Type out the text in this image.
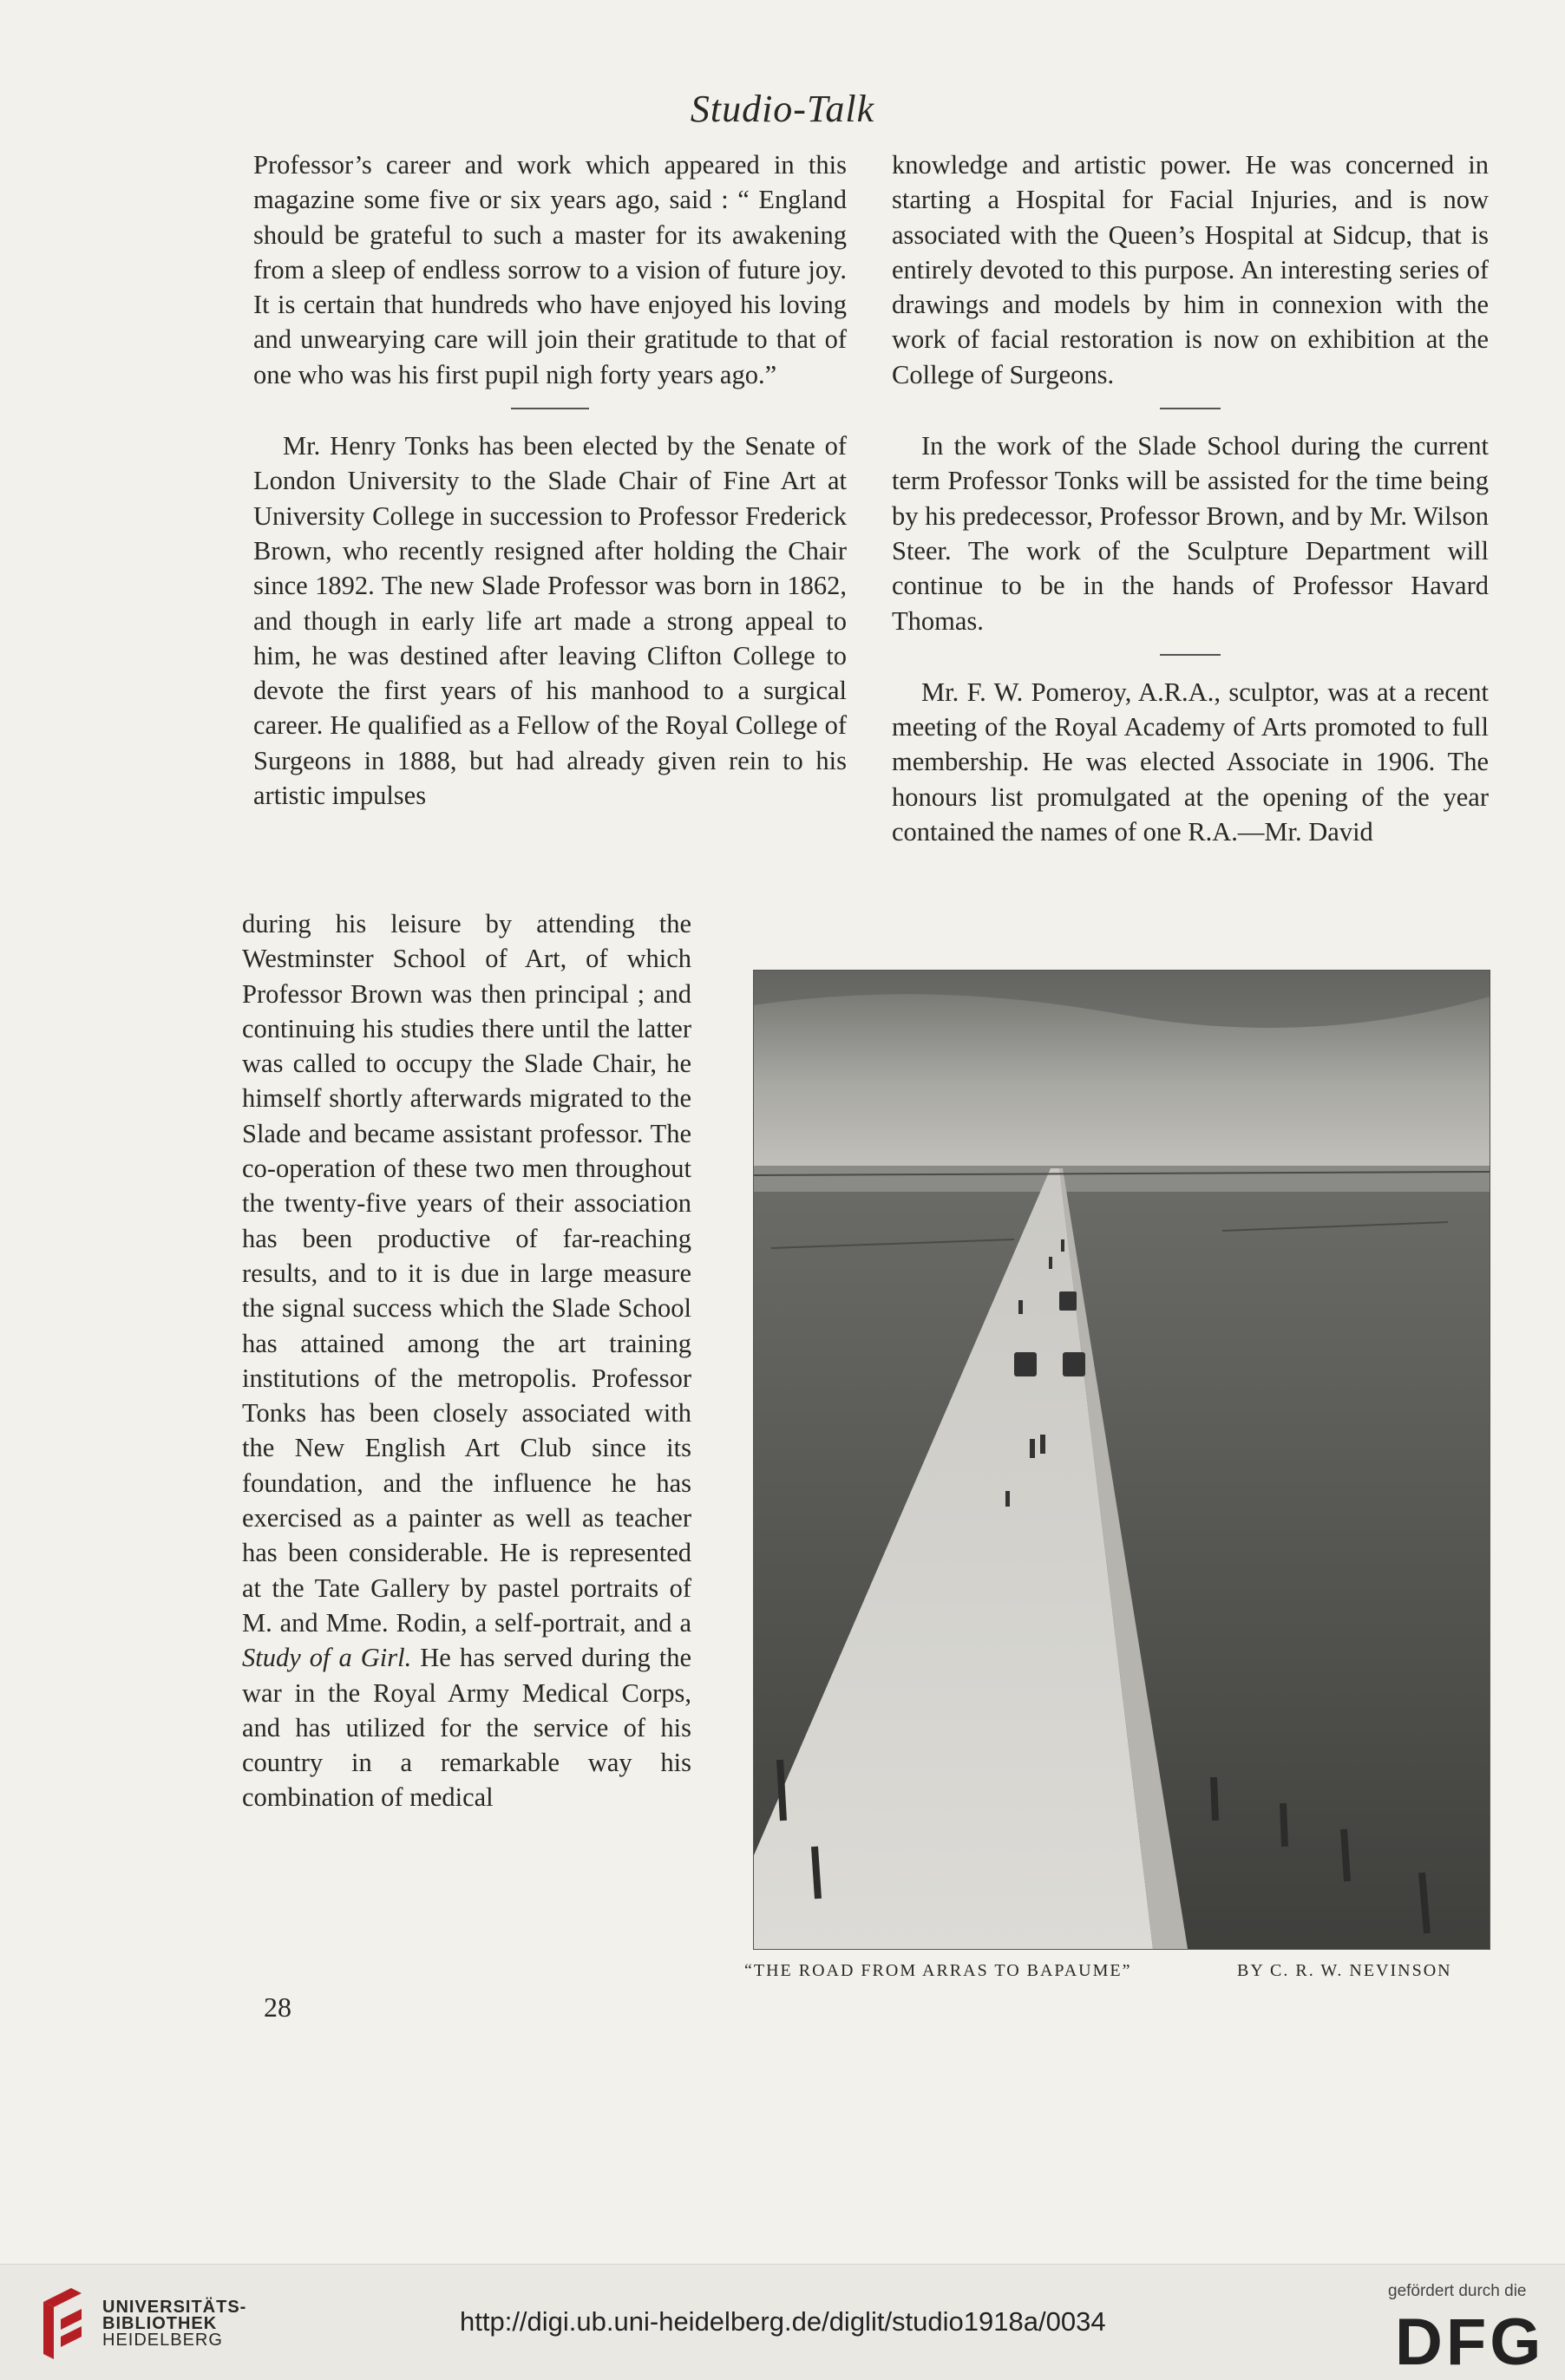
Studio-Talk

Professor’s career and work which appeared in this magazine some five or six years ago, said : “ England should be grateful to such a master for its awakening from a sleep of endless sorrow to a vision of future joy. It is certain that hundreds who have enjoyed his loving and unwearying care will join their gratitude to that of one who was his first pupil nigh forty years ago.”

Mr. Henry Tonks has been elected by the Senate of London University to the Slade Chair of Fine Art at University College in succession to Professor Frederick Brown, who recently resigned after holding the Chair since 1892. The new Slade Professor was born in 1862, and though in early life art made a strong appeal to him, he was destined after leaving Clifton College to devote the first years of his manhood to a surgical career. He qualified as a Fellow of the Royal College of Surgeons in 1888, but had already given rein to his artistic impulses

during his leisure by attending the Westminster School of Art, of which Professor Brown was then principal ; and continuing his studies there until the latter was called to occupy the Slade Chair, he himself shortly afterwards migrated to the Slade and became assistant professor. The co-operation of these two men throughout the twenty-five years of their association has been productive of far-reaching results, and to it is due in large measure the signal success which the Slade School has attained among the art training institutions of the metropolis. Professor Tonks has been closely associated with the New English Art Club since its foundation, and the influence he has exercised as a painter as well as teacher has been considerable. He is represented at the Tate Gallery by pastel portraits of M. and Mme. Rodin, a self-portrait, and a Study of a Girl. He has served during the war in the Royal Army Medical Corps, and has utilized for the service of his country in a remarkable way his combination of medical

knowledge and artistic power. He was concerned in starting a Hospital for Facial Injuries, and is now associated with the Queen’s Hospital at Sidcup, that is entirely devoted to this purpose. An interesting series of drawings and models by him in connexion with the work of facial restoration is now on exhibition at the College of Surgeons.

In the work of the Slade School during the current term Professor Tonks will be assisted for the time being by his predecessor, Professor Brown, and by Mr. Wilson Steer. The work of the Sculpture Department will continue to be in the hands of Professor Havard Thomas.

Mr. F. W. Pomeroy, A.R.A., sculptor, was at a recent meeting of the Royal Academy of Arts promoted to full membership. He was elected Associate in 1906. The honours list promulgated at the opening of the year contained the names of one R.A.—Mr. David

“THE ROAD FROM ARRAS TO BAPAUME”	BY C. R. W. NEVINSON
28
UNIVERSITÄTS-
BIBLIOTHEK
HEIDELBERG
http://digi.ub.uni-heidelberg.de/diglit/studio1918a/0034
gefördert durch die
DFG
